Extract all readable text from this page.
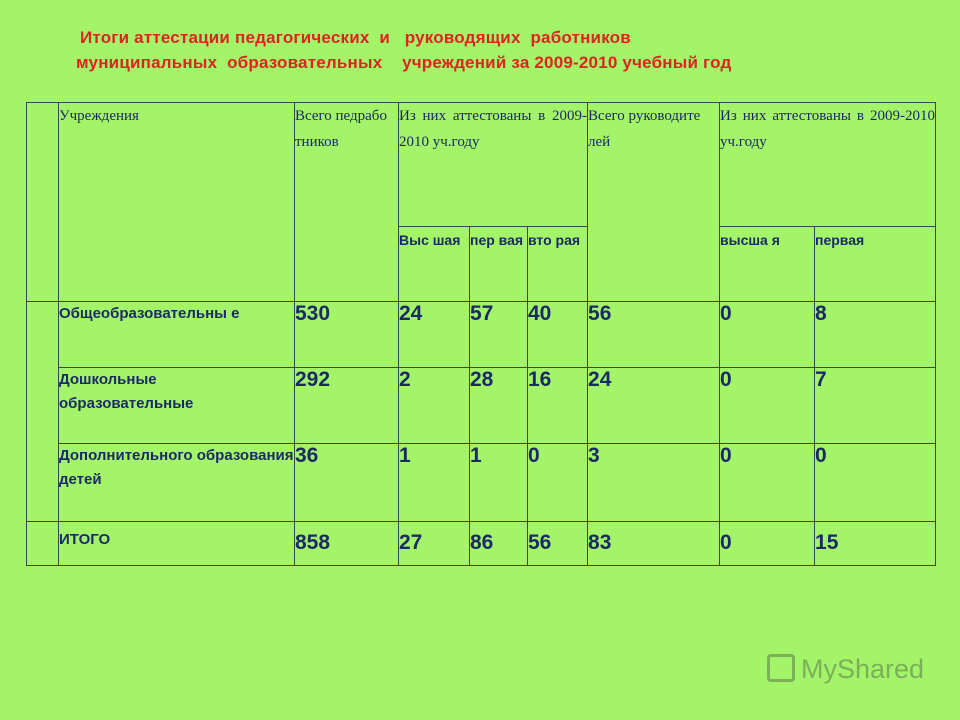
Итоги аттестации педагогических  и   руководящих  работников
муниципальных  образовательных    учреждений за 2009-2010 учебный год
	Учреждения	Всего педрабо тников	Из них аттестованы в 2009-2010 уч.году			Всего руководите лей	Из них аттестованы в 2009-2010 уч.году	
			Выс шая	пер вая	вто рая		высша я	первая
	Общеобразовательны е	530	24	57	40	56	0	8
	Дошкольные образовательные	292	2	28	16	24	0	7
	Дополнительного образования детей	36	1	1	0	3	0	0
	ИТОГО	858	27	86	56	83	0	15
MyShared
